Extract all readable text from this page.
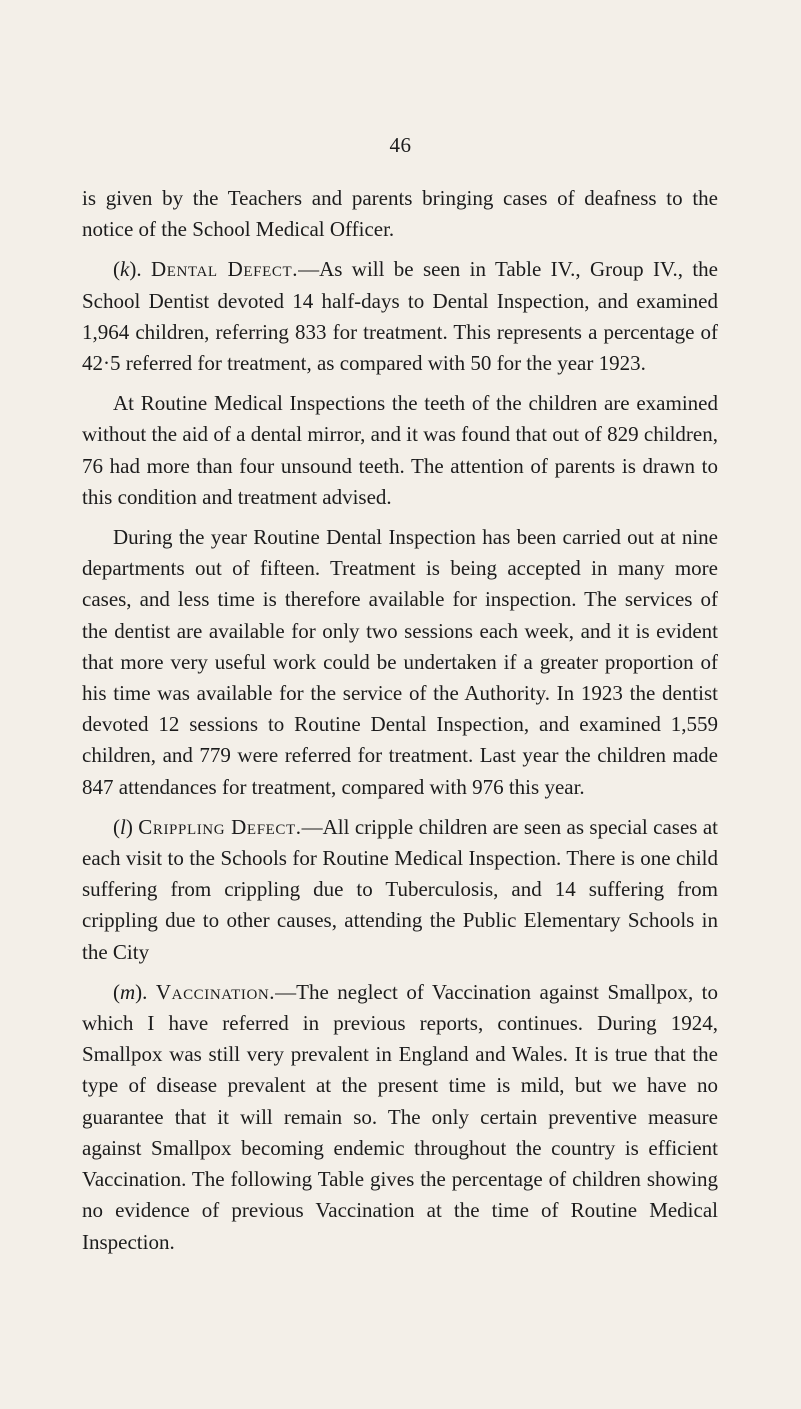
46

is given by the Teachers and parents bringing cases of deafness to the notice of the School Medical Officer.

(k). Dental Defect.—As will be seen in Table IV., Group IV., the School Dentist devoted 14 half-days to Dental Inspection, and examined 1,964 children, referring 833 for treatment. This represents a percentage of 42·5 referred for treatment, as compared with 50 for the year 1923.

At Routine Medical Inspections the teeth of the children are examined without the aid of a dental mirror, and it was found that out of 829 children, 76 had more than four unsound teeth. The attention of parents is drawn to this condition and treatment advised.

During the year Routine Dental Inspection has been carried out at nine departments out of fifteen. Treatment is being accepted in many more cases, and less time is therefore available for inspection. The services of the dentist are available for only two sessions each week, and it is evident that more very useful work could be undertaken if a greater proportion of his time was available for the service of the Authority. In 1923 the dentist devoted 12 sessions to Routine Dental Inspection, and examined 1,559 children, and 779 were referred for treatment. Last year the children made 847 attendances for treatment, compared with 976 this year.

(l) Crippling Defect.—All cripple children are seen as special cases at each visit to the Schools for Routine Medical Inspection. There is one child suffering from crippling due to Tuberculosis, and 14 suffering from crippling due to other causes, attending the Public Elementary Schools in the City

(m). Vaccination.—The neglect of Vaccination against Smallpox, to which I have referred in previous reports, continues. During 1924, Smallpox was still very prevalent in England and Wales. It is true that the type of disease prevalent at the present time is mild, but we have no guarantee that it will remain so. The only certain preventive measure against Smallpox becoming endemic throughout the country is efficient Vaccination. The following Table gives the percentage of children showing no evidence of previous Vaccination at the time of Routine Medical Inspection.
